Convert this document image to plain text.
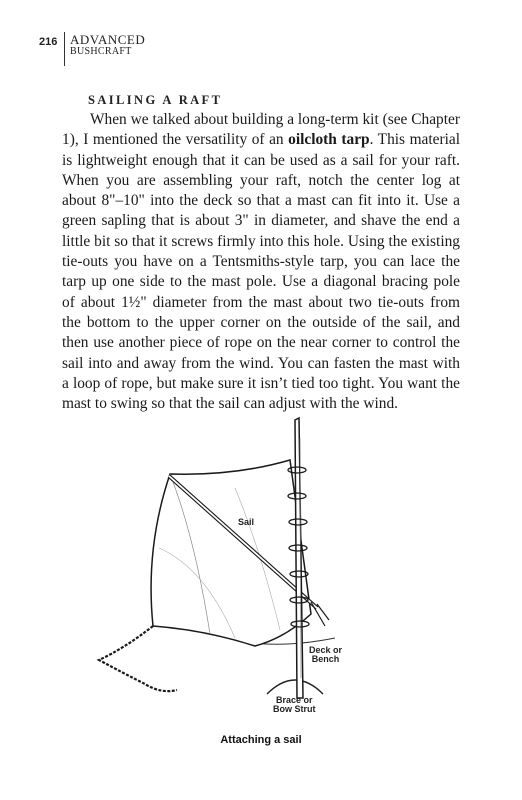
216 ADVANCED
BUSHCRAFT
SAILING A RAFT
When we talked about building a long-term kit (see Chapter
1), I mentioned the versatility of an oilcloth tarp. This material
is lightweight enough that it can be used as a sail for your raft.
When you are assembling your raft, notch the center log at
about 8"–10" into the deck so that a mast can fit into it. Use a
green sapling that is about 3" in diameter, and shave the end a
little bit so that it screws firmly into this hole. Using the existing
tie-outs you have on a Tentsmiths-style tarp, you can lace the
tarp up one side to the mast pole. Use a diagonal bracing pole
of about 1½" diameter from the mast about two tie-outs from
the bottom to the upper corner on the outside of the sail, and
then use another piece of rope on the near corner to control the
sail into and away from the wind. You can fasten the mast with
a loop of rope, but make sure it isn’t tied too tight. You want the
mast to swing so that the sail can adjust with the wind.
Sail
Deck or
Bench
Brace or
Bow Strut
Attaching a sail
